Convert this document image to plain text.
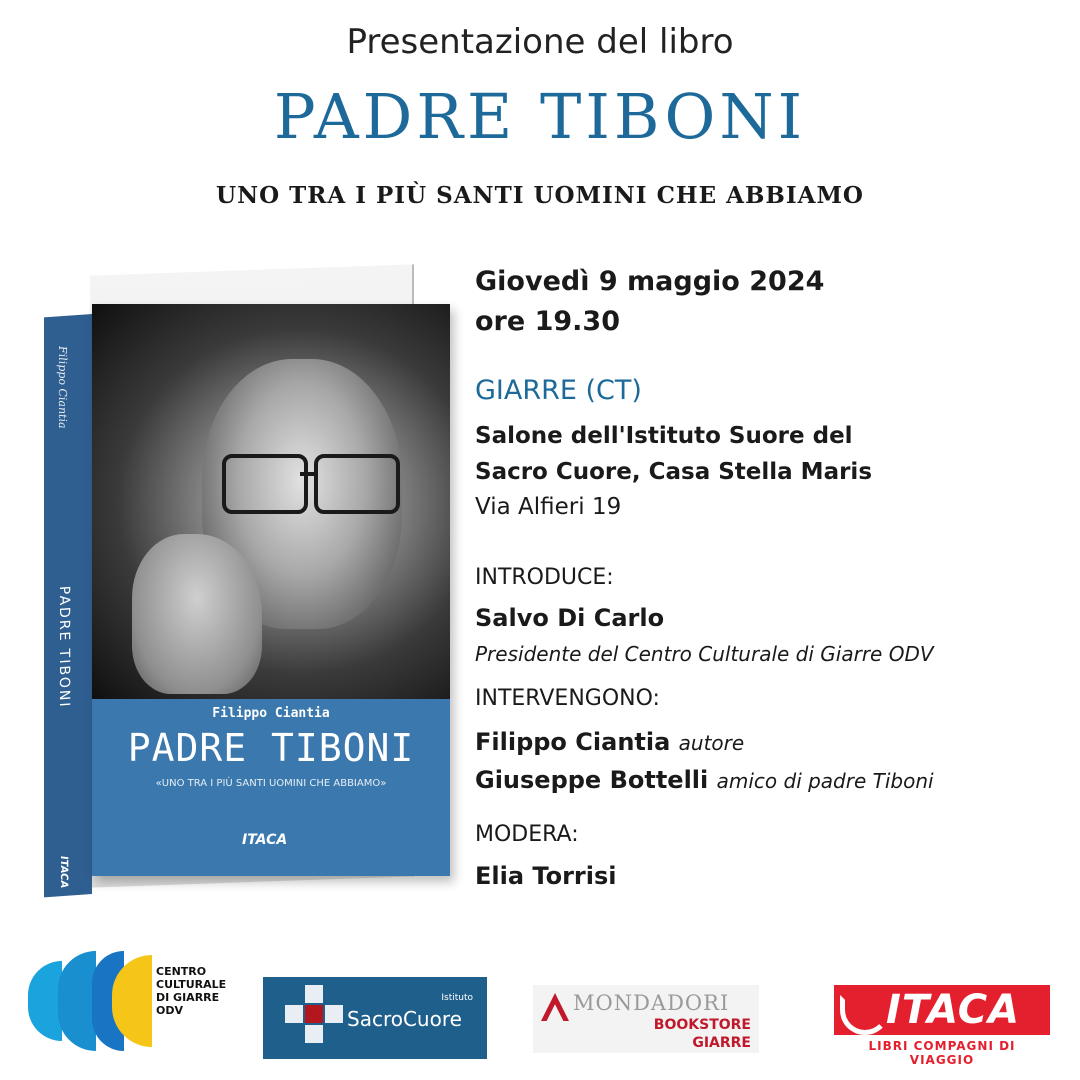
Presentazione del libro
PADRE TIBONI
UNO TRA I PIÙ SANTI UOMINI CHE ABBIAMO
Filippo Ciantia
PADRE TIBONI
ITACA
Filippo Ciantia
PADRE TIBONI
«UNO TRA I PIÙ SANTI UOMINI CHE ABBIAMO»
ITACA
Giovedì 9 maggio 2024
ore 19.30
GIARRE (CT)
Salone dell'Istituto Suore del
Sacro Cuore, Casa Stella Maris
Via Alfieri 19
INTRODUCE:
Salvo Di Carlo
Presidente del Centro Culturale di Giarre ODV
INTERVENGONO:
Filippo Ciantia autore
Giuseppe Bottelli amico di padre Tiboni
MODERA:
Elia Torrisi
CENTRO
CULTURALE
DI GIARRE
ODV
Istituto
SacroCuore
MONDADORI
BOOKSTORE
GIARRE
ITACA
LIBRI COMPAGNI DI VIAGGIO
